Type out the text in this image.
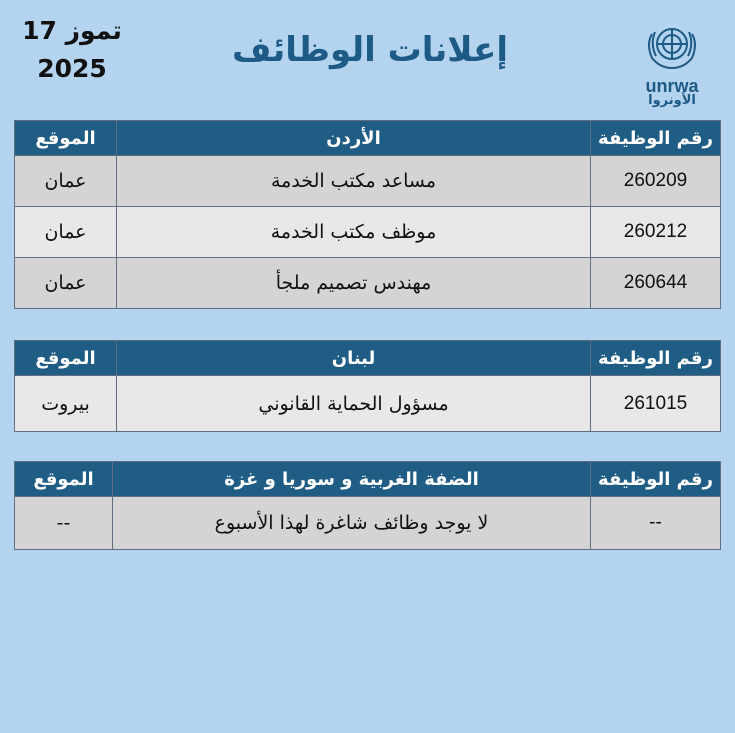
17 تموز
2025	إعلانات الوظائف
unrwa
الأونروا
رقم الوظيفة	الأردن	الموقع
260209	مساعد مكتب الخدمة	عمان
260212	موظف مكتب الخدمة	عمان
260644	مهندس تصميم ملجأ	عمان
رقم الوظيفة	لبنان	الموقع
261015	مسؤول الحماية القانوني	بيروت
رقم الوظيفة	الضفة الغربية و سوريا و غزة	الموقع
--	لا يوجد وظائف شاغرة لهذا الأسبوع	--
